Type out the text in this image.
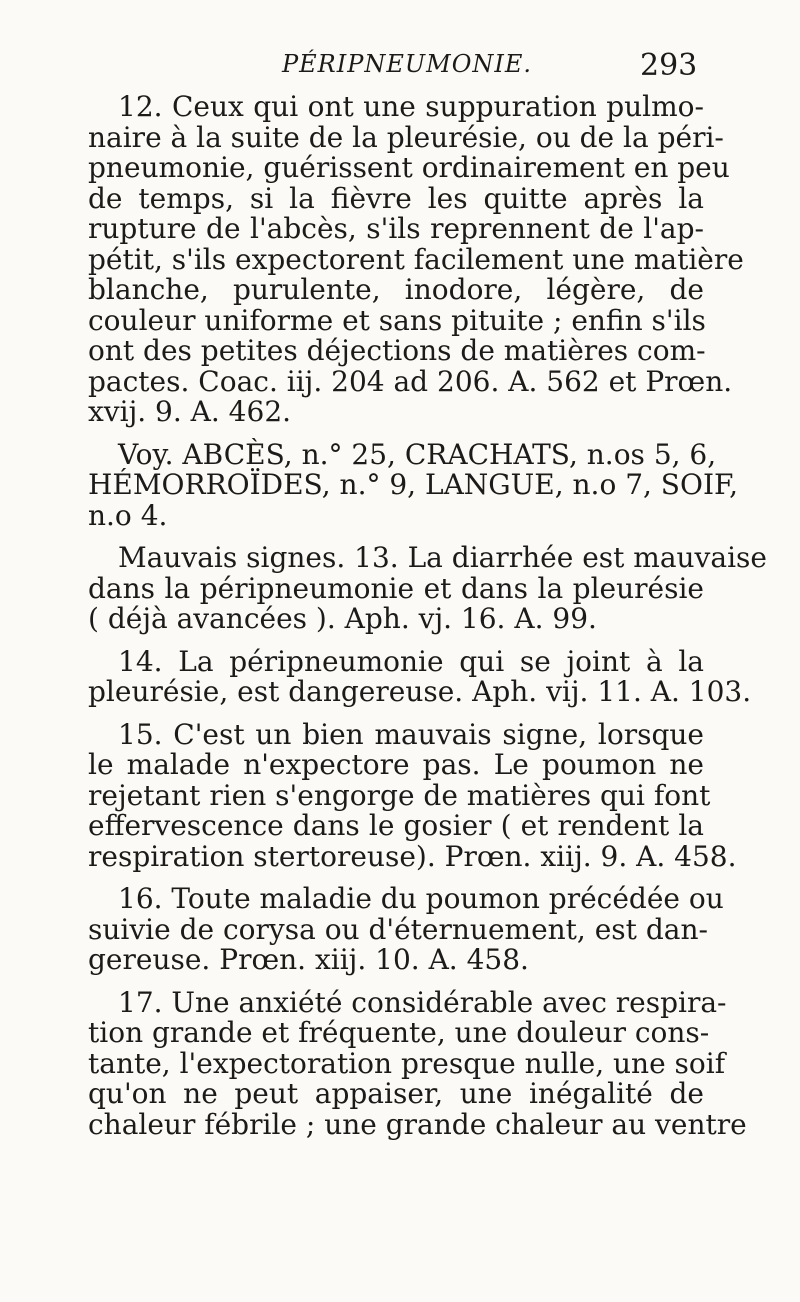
PÉRIPNEUMONIE.	293

12. Ceux qui ont une suppuration pulmo-
naire à la suite de la pleurésie, ou de la péri-
pneumonie, guérissent ordinairement en peu
de temps, si la fièvre les quitte après la
rupture de l'abcès, s'ils reprennent de l'ap-
pétit, s'ils expectorent facilement une matière
blanche, purulente, inodore, légère, de
couleur uniforme et sans pituite ; enfin s'ils
ont des petites déjections de matières com-
pactes. Coac. iij. 204 ad 206. A. 562 et Prœn.
xvij. 9. A. 462.

Voy. ABCÈS, n.° 25, CRACHATS, n.os 5, 6,
HÉMORROÏDES, n.° 9, LANGUE, n.o 7, SOIF,
n.o 4.

Mauvais signes. 13. La diarrhée est mauvaise
dans la péripneumonie et dans la pleurésie
( déjà avancées ). Aph. vj. 16. A. 99.

14. La péripneumonie qui se joint à la
pleurésie, est dangereuse. Aph. vij. 11. A. 103.

15. C'est un bien mauvais signe, lorsque
le malade n'expectore pas. Le poumon ne
rejetant rien s'engorge de matières qui font
effervescence dans le gosier ( et rendent la
respiration stertoreuse). Prœn. xiij. 9. A. 458.

16. Toute maladie du poumon précédée ou
suivie de corysa ou d'éternuement, est dan-
gereuse. Prœn. xiij. 10. A. 458.

17. Une anxiété considérable avec respira-
tion grande et fréquente, une douleur cons-
tante, l'expectoration presque nulle, une soif
qu'on ne peut appaiser, une inégalité de
chaleur fébrile ; une grande chaleur au ventre
